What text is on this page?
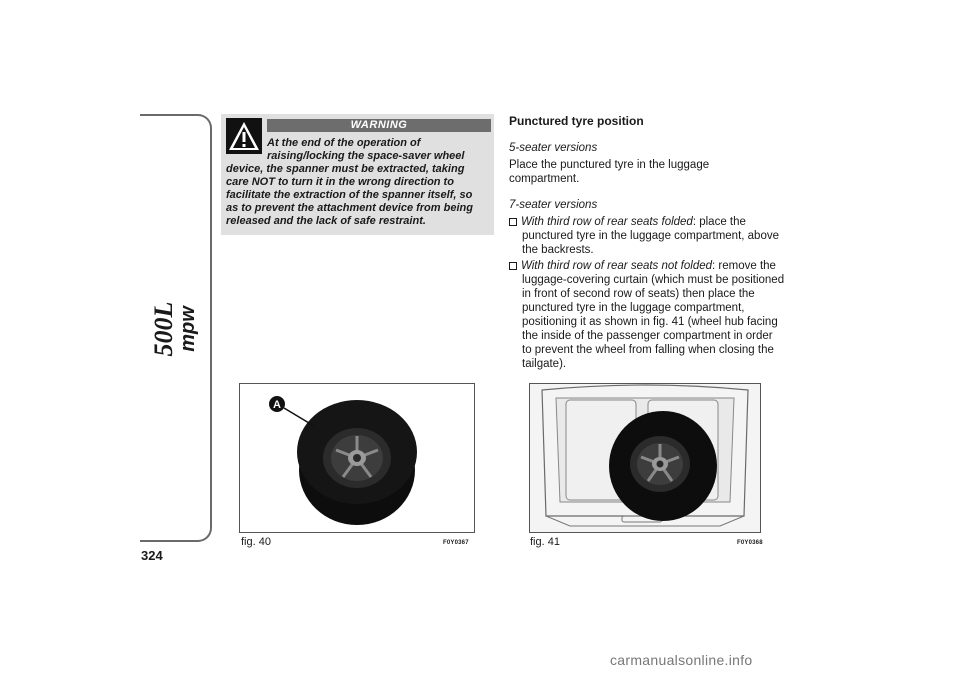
500L mpw
324
WARNING
At the end of the operation of
raising/locking the space-saver wheel
device, the spanner must be extracted, taking
care NOT to turn it in the wrong direction to
facilitate the extraction of the spanner itself, so
as to prevent the attachment device from being
released and the lack of safe restraint.
Punctured tyre position
5-seater versions
Place the punctured tyre in the luggage
compartment.
7-seater versions
With third row of rear seats folded: place the
punctured tyre in the luggage compartment, above
the backrests.
With third row of rear seats not folded: remove the
luggage-covering curtain (which must be positioned
in front of second row of seats) then place the
punctured tyre in the luggage compartment,
positioning it as shown in fig. 41 (wheel hub facing
the inside of the passenger compartment in order
to prevent the wheel from falling when closing the
tailgate).
A
fig. 40	F0Y0367	fig. 41	F0Y0368
carmanualsonline.info
